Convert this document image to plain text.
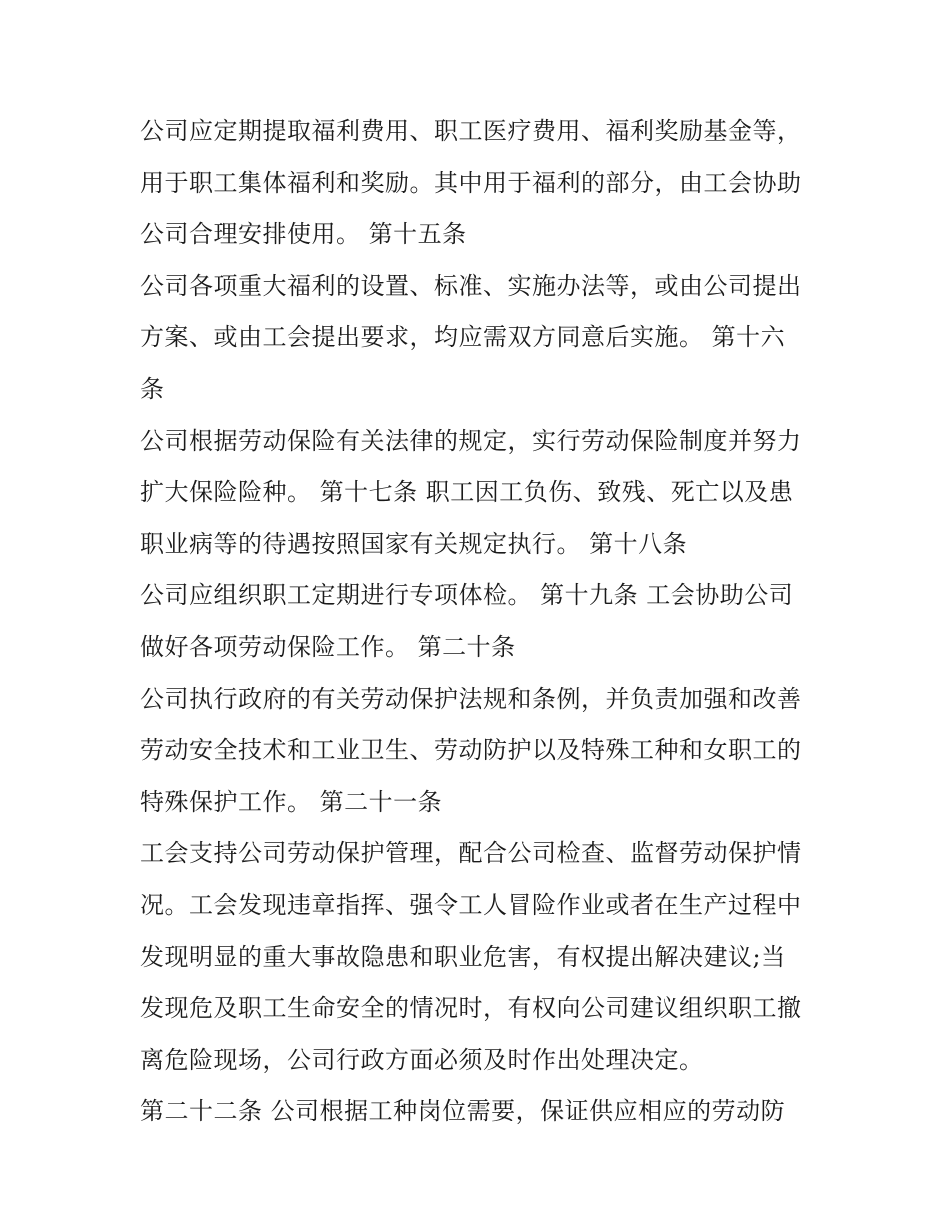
公司应定期提取福利费用、职工医疗费用、福利奖励基金等，
用于职工集体福利和奖励。其中用于福利的部分，由工会协助
公司合理安排使用。 第十五条
公司各项重大福利的设置、标准、实施办法等，或由公司提出
方案、或由工会提出要求，均应需双方同意后实施。 第十六
条
公司根据劳动保险有关法律的规定，实行劳动保险制度并努力
扩大保险险种。 第十七条 职工因工负伤、致残、死亡以及患
职业病等的待遇按照国家有关规定执行。 第十八条
公司应组织职工定期进行专项体检。 第十九条 工会协助公司
做好各项劳动保险工作。 第二十条
公司执行政府的有关劳动保护法规和条例，并负责加强和改善
劳动安全技术和工业卫生、劳动防护以及特殊工种和女职工的
特殊保护工作。 第二十一条
工会支持公司劳动保护管理，配合公司检查、监督劳动保护情
况。工会发现违章指挥、强令工人冒险作业或者在生产过程中
发现明显的重大事故隐患和职业危害，有权提出解决建议;当
发现危及职工生命安全的情况时，有权向公司建议组织职工撤
离危险现场，公司行政方面必须及时作出处理决定。
第二十二条 公司根据工种岗位需要，保证供应相应的劳动防
